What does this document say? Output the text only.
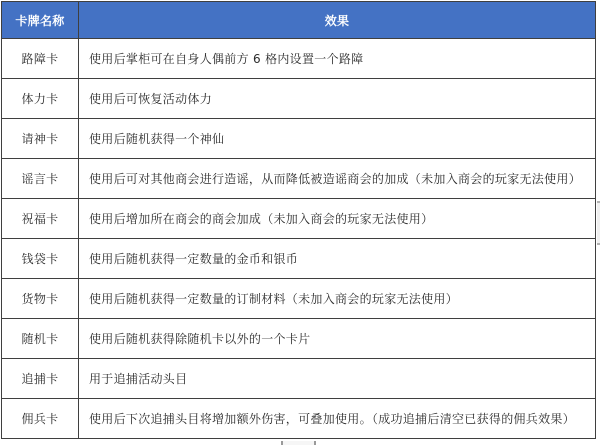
卡牌名称	效果
路障卡	使用后掌柜可在自身人偶前方 6 格内设置一个路障
体力卡	使用后可恢复活动体力
请神卡	使用后随机获得一个神仙
谣言卡	使用后可对其他商会进行造谣，从而降低被造谣商会的加成（未加入商会的玩家无法使用）
祝福卡	使用后增加所在商会的商会加成（未加入商会的玩家无法使用）
钱袋卡	使用后随机获得一定数量的金币和银币
货物卡	使用后随机获得一定数量的订制材料（未加入商会的玩家无法使用）
随机卡	使用后随机获得除随机卡以外的一个卡片
追捕卡	用于追捕活动头目
佣兵卡	使用后下次追捕头目将增加额外伤害，可叠加使用。（成功追捕后清空已获得的佣兵效果）
